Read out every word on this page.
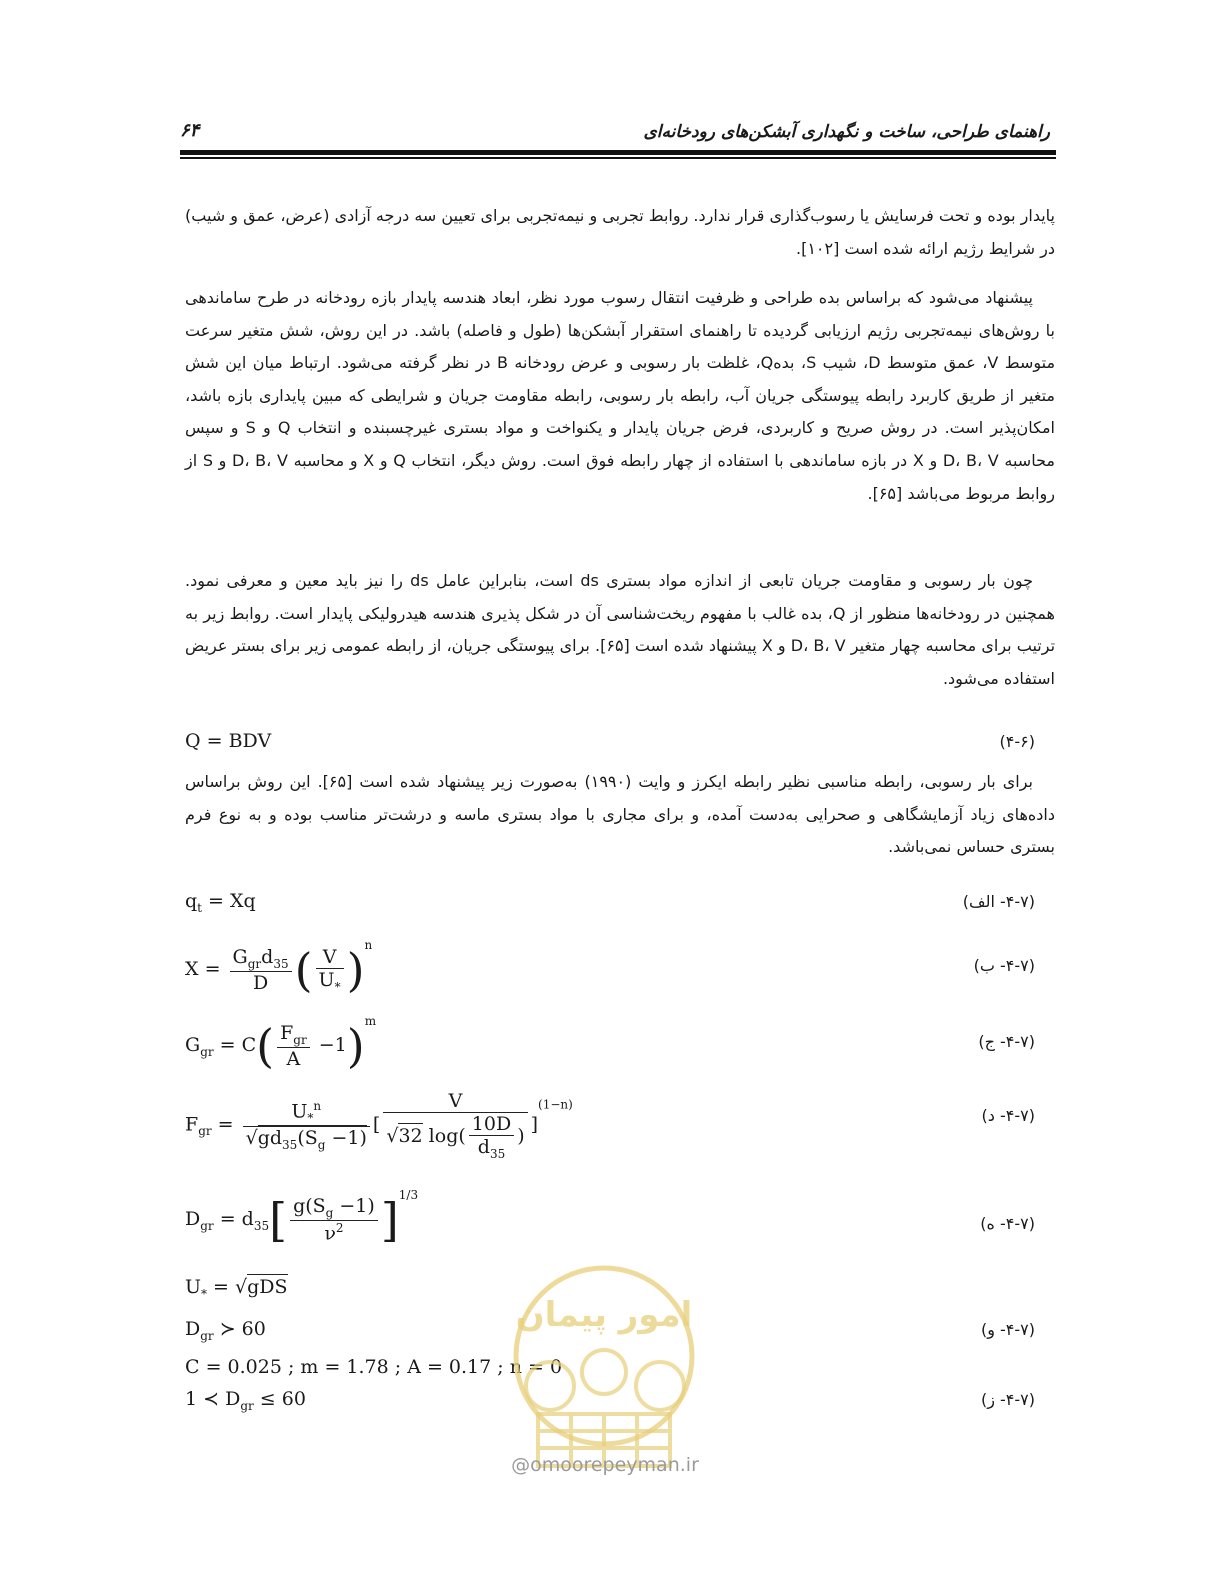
راهنمای طراحی، ساخت و نگهداری آبشکن‌های رودخانه‌ای
۶۴

پایدار بوده و تحت فرسایش یا رسوب‌گذاری قرار ندارد. روابط تجربی و نیمه‌تجربی برای تعیین سه درجه آزادی (عرض، عمق و شیب) در شرایط رژیم ارائه شده است [۱۰۲].

پیشنهاد می‌شود که براساس بده طراحی و ظرفیت انتقال رسوب مورد نظر، ابعاد هندسه پایدار بازه رودخانه در طرح ساماندهی با روش‌های نیمه‌تجربی رژیم ارزیابی گردیده تا راهنمای استقرار آبشکن‌ها (طول و فاصله) باشد. در این روش، شش متغیر سرعت متوسط V، عمق متوسط D، شیب S، بدهQ، غلظت بار رسوبی و عرض رودخانه B در نظر گرفته می‌شود. ارتباط میان این شش متغیر از طریق کاربرد رابطه پیوستگی جریان آب، رابطه بار رسوبی، رابطه مقاومت جریان و شرایطی که مبین پایداری بازه باشد، امکان‌پذیر است. در روش صریح و کاربردی، فرض جریان پایدار و یکنواخت و مواد بستری غیرچسبنده و انتخاب Q و S و سپس محاسبه D، B، V و X در بازه ساماندهی با استفاده از چهار رابطه فوق است. روش دیگر، انتخاب Q و X و محاسبه D، B، V و S از روابط مربوط می‌باشد [۶۵].

چون بار رسوبی و مقاومت جریان تابعی از اندازه مواد بستری ds است، بنابراین عامل ds را نیز باید معین و معرفی نمود. همچنین در رودخانه‌ها منظور از Q، بده غالب با مفهوم ریخت‌شناسی آن در شکل پذیری هندسه هیدرولیکی پایدار است. روابط زیر به ترتیب برای محاسبه چهار متغیر D، B، V و X پیشنهاد شده است [۶۵]. برای پیوستگی جریان، از رابطه عمومی زیر برای بستر عریض استفاده می‌شود.

Q = BDV	(۴-۶)

برای بار رسوبی، رابطه مناسبی نظیر رابطه ایکرز و وایت (۱۹۹۰) به‌صورت زیر پیشنهاد شده است [۶۵]. این روش براساس داده‌های زیاد آزمایشگاهی و صحرایی به‌دست آمده، و برای مجاری با مواد بستری ماسه و درشت‌تر مناسب بوده و به نوع فرم بستری حساس نمی‌باشد.

$q_t = Xq$	(۴-۷- الف)
$X = \frac{G_{gr}d_{35}}{D}$ ( $\frac{V}{U_*} )^n$
(۴-۷- ب)
$G_{gr} = C( \frac{F_{gr}}{A} -1)^m$
(۴-۷- ج)
$F_{gr} = \frac{U_*^n}{√gd_{35}(S_g -1)}$ [ $\frac{V}{√32 \log( \frac{10D}{d_{35}} )} ]^{(1-n)}$
(۴-۷- د)
$D_{gr} = d_{35}[ \frac{g(S_g -1)}{\nu^2} ]^{1/3}$
(۴-۷- ه)
$U_* = √gDS$
$D_{gr}$ ≻ 60	(۴-۷- و)
C = 0.025 ; m = 1.78 ; A = 0.17 ; n = 0
1 ≺ $D_{gr} \le 60$	(۴-۷- ز)
امور پیمان
@omoorepeyman.ir
